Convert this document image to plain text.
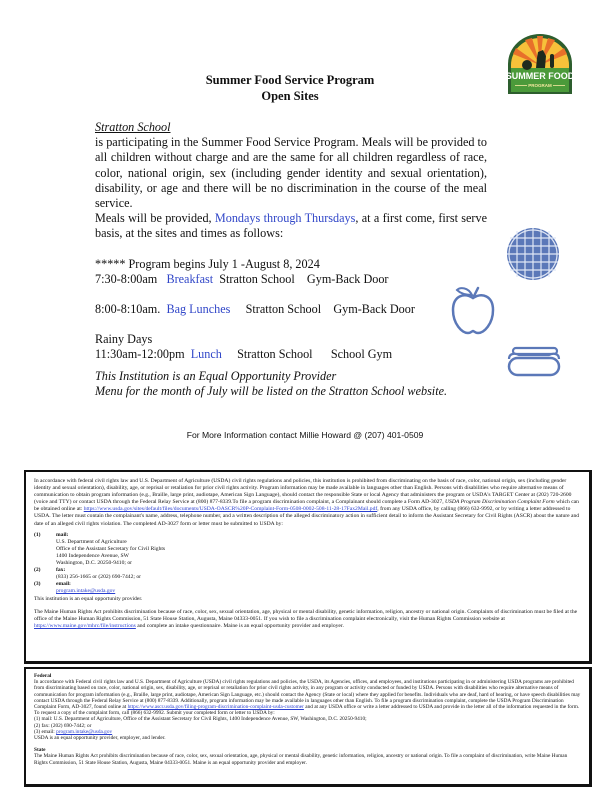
SUMMER FOOD
PROGRAM
Summer Food Service Program
Open Sites
Stratton School
is participating in the Summer Food Service Program. Meals will be provided to all children without charge and are the same for all children regardless of race, color, national origin, sex (including gender identity and sexual orientation), disability, or age and there will be no discrimination in the course of the meal service.
Meals will be provided, Mondays through Thursdays, at a first come, first serve basis, at the sites and times as follows:
***** Program begins July 1 -August 8, 2024
7:30-8:00am Breakfast Stratton School Gym-Back Door
8:00-8:10am. Bag Lunches Stratton School Gym-Back Door
Rainy Days
11:30am-12:00pm Lunch Stratton School School Gym
This Institution is an Equal Opportunity Provider
Menu for the month of July will be listed on the Stratton School website.
For More Information contact Millie Howard @ (207) 401-0509

In accordance with federal civil rights law and U.S. Department of Agriculture (USDA) civil rights regulations and policies, this institution is prohibited from discriminating on the basis of race, color, national origin, sex (including gender identity and sexual orientation), disability, age, or reprisal or retaliation for prior civil rights activity. Program information may be made available in languages other than English. Persons with disabilities who require alternative means of communication to obtain program information (e.g., Braille, large print, audiotape, American Sign Language), should contact the responsible State or local Agency that administers the program or USDA's TARGET Center at (202) 720-2600 (voice and TTY) or contact USDA through the Federal Relay Service at (800) 877-8339.To file a program discrimination complaint, a Complainant should complete a Form AD-3027, USDA Program Discrimination Complaint Form which can be obtained online at: https://www.usda.gov/sites/default/files/documents/USDA-OASCR%20P-Complaint-Form-0508-0002-508-11-28-17Fax2Mail.pdf, from any USDA office, by calling (866) 632-9992, or by writing a letter addressed to USDA. The letter must contain the complainant's name, address, telephone number, and a written description of the alleged discriminatory action in sufficient detail to inform the Assistant Secretary for Civil Rights (ASCR) about the nature and date of an alleged civil rights violation. The completed AD-3027 form or letter must be submitted to USDA by:

(1)	mail:
U.S. Department of Agriculture
Office of the Assistant Secretary for Civil Rights
1400 Independence Avenue, SW
Washington, D.C. 20250-9410; or
(2)	fax:
(833) 256-1665 or (202) 690-7442; or
(3)	email:
program.intake@usda.gov

This institution is an equal opportunity provider.

The Maine Human Rights Act prohibits discrimination because of race, color, sex, sexual orientation, age, physical or mental disability, genetic information, religion, ancestry or national origin. Complaints of discrimination must be filed at the office of the Maine Human Rights Commission, 51 State House Station, Augusta, Maine 04333-0051. If you wish to file a discrimination complaint electronically, visit the Human Rights Commission website at https://www.maine.gov/mhrc/file/instructions and complete an intake questionnaire. Maine is an equal opportunity provider and employer.

Federal

In accordance with Federal civil rights law and U.S. Department of Agriculture (USDA) civil rights regulations and policies, the USDA, its Agencies, offices, and employees, and institutions participating in or administering USDA programs are prohibited from discriminating based on race, color, national origin, sex, disability, age, or reprisal or retaliation for prior civil rights activity, in any program or activity conducted or funded by USDA. Persons with disabilities who require alternative means of communication for program information (e.g., Braille, large print, audiotape, American Sign Language, etc.) should contact the Agency (State or local) where they applied for benefits. Individuals who are deaf, hard of hearing, or have speech disabilities may contact USDA through the Federal Relay Service at (800) 877-8339. Additionally, program information may be made available in languages other than English. To file a program discrimination complaint, complete the USDA Program Discrimination Complaint Form, AD-3027, found online at https://www.ascr.usda.gov/filing-program-discrimination-complaint-usda-customer and at any USDA office or write a letter addressed to USDA and provide in the letter all of the information requested in the form. To request a copy of the complaint form, call (866) 632-9992. Submit your completed form or letter to USDA by:

(1) mail: U.S. Department of Agriculture, Office of the Assistant Secretary for Civil Rights, 1400 Independence Avenue, SW, Washington, D.C. 20250-9410;
(2) fax: (202) 690-7442; or
(3) email: program.intake@usda.gov
USDA is an equal opportunity provider, employer, and lender.
State

The Maine Human Rights Act prohibits discrimination because of race, color, sex, sexual orientation, age, physical or mental disability, genetic information, religion, ancestry or national origin. To file a complaint of discrimination, write Maine Human Rights Commission, 51 State House Station, Augusta, Maine 04333-0051. Maine is an equal opportunity provider and employer.
